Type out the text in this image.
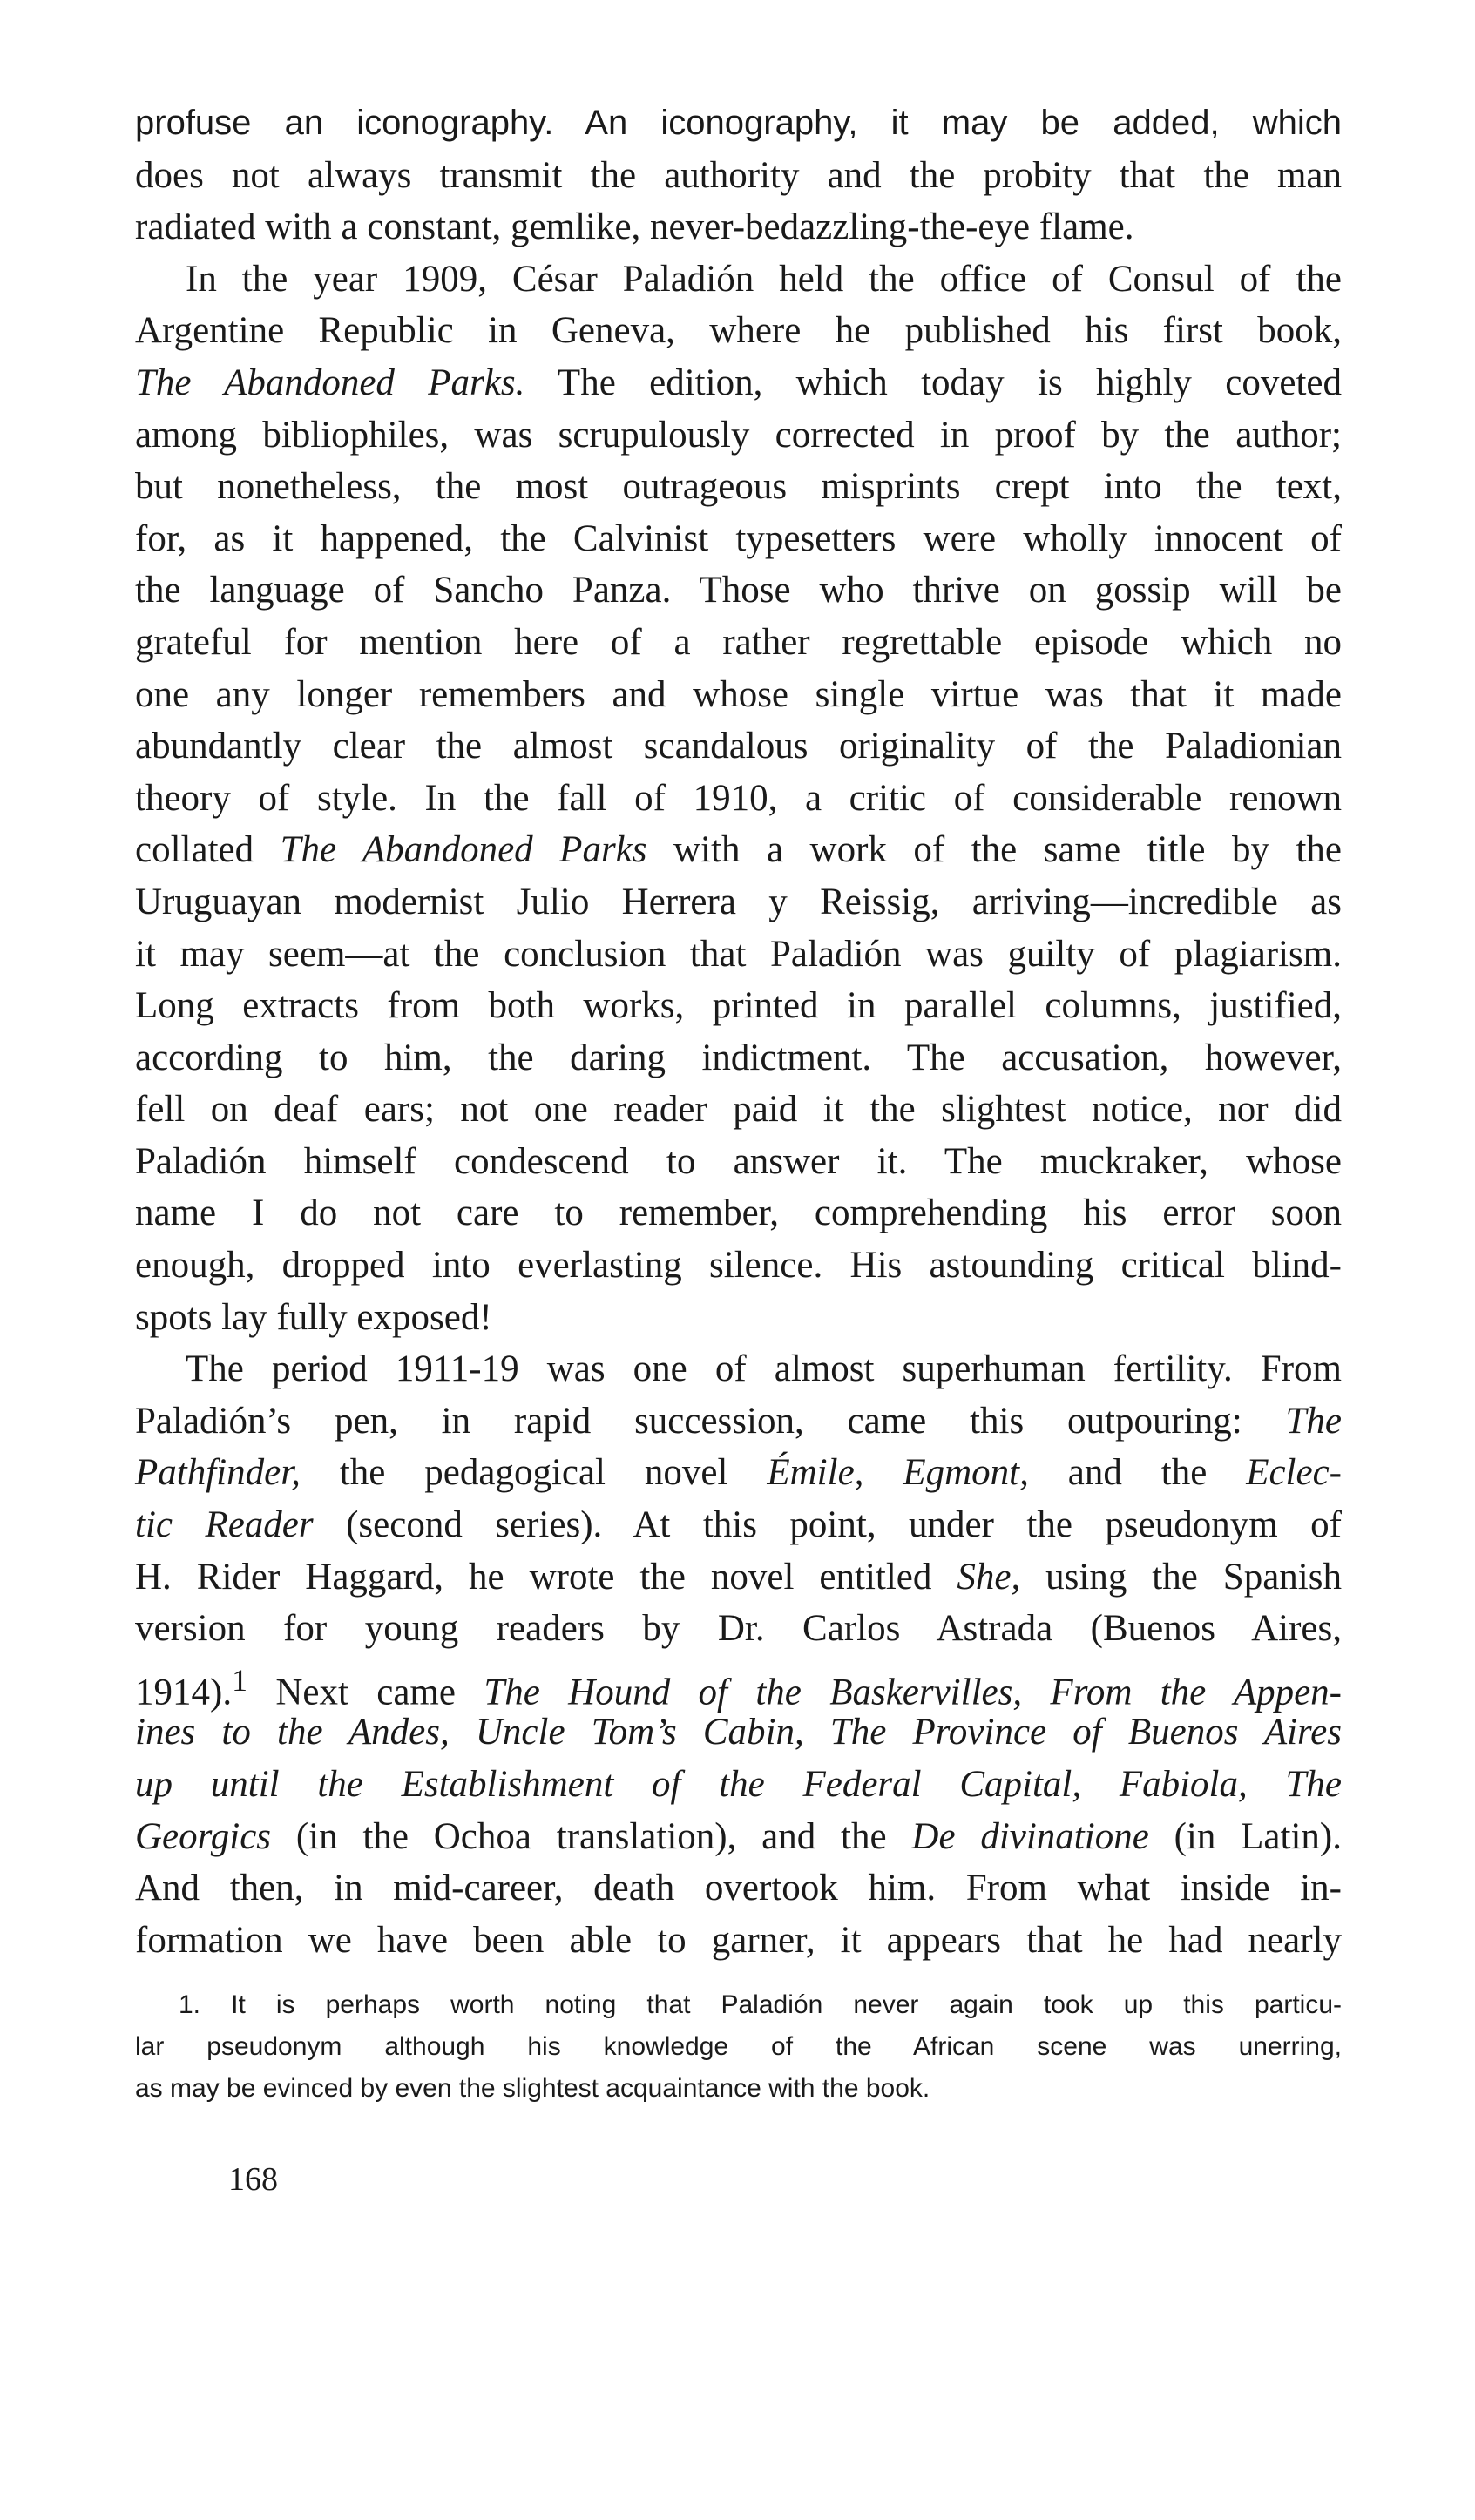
profuse an iconography. An iconography, it may be added, which
does not always transmit the authority and the probity that the man
radiated with a constant, gemlike, never-bedazzling-the-eye flame.
In the year 1909, César Paladión held the office of Consul of the
Argentine Republic in Geneva, where he published his first book,
The Abandoned Parks. The edition, which today is highly coveted
among bibliophiles, was scrupulously corrected in proof by the author;
but nonetheless, the most outrageous misprints crept into the text,
for, as it happened, the Calvinist typesetters were wholly innocent of
the language of Sancho Panza. Those who thrive on gossip will be
grateful for mention here of a rather regrettable episode which no
one any longer remembers and whose single virtue was that it made
abundantly clear the almost scandalous originality of the Paladionian
theory of style. In the fall of 1910, a critic of considerable renown
collated The Abandoned Parks with a work of the same title by the
Uruguayan modernist Julio Herrera y Reissig, arriving—incredible as
it may seem—at the conclusion that Paladión was guilty of plagiarism.
Long extracts from both works, printed in parallel columns, justified,
according to him, the daring indictment. The accusation, however,
fell on deaf ears; not one reader paid it the slightest notice, nor did
Paladión himself condescend to answer it. The muckraker, whose
name I do not care to remember, comprehending his error soon
enough, dropped into everlasting silence. His astounding critical blind-
spots lay fully exposed!
The period 1911-19 was one of almost superhuman fertility. From
Paladión’s pen, in rapid succession, came this outpouring: The
Pathfinder, the pedagogical novel Émile, Egmont, and the Eclec-
tic Reader (second series). At this point, under the pseudonym of
H. Rider Haggard, he wrote the novel entitled She, using the Spanish
version for young readers by Dr. Carlos Astrada (Buenos Aires,
1914).$^1$ Next came The Hound of the Baskervilles, From the Appen-
ines to the Andes, Uncle Tom’s Cabin, The Province of Buenos Aires
up until the Establishment of the Federal Capital, Fabiola, The
Georgics (in the Ochoa translation), and the De divinatione (in Latin).
And then, in mid-career, death overtook him. From what inside in-
formation we have been able to garner, it appears that he had nearly
1. It is perhaps worth noting that Paladión never again took up this particu-
lar pseudonym although his knowledge of the African scene was unerring,
as may be evinced by even the slightest acquaintance with the book.
168
